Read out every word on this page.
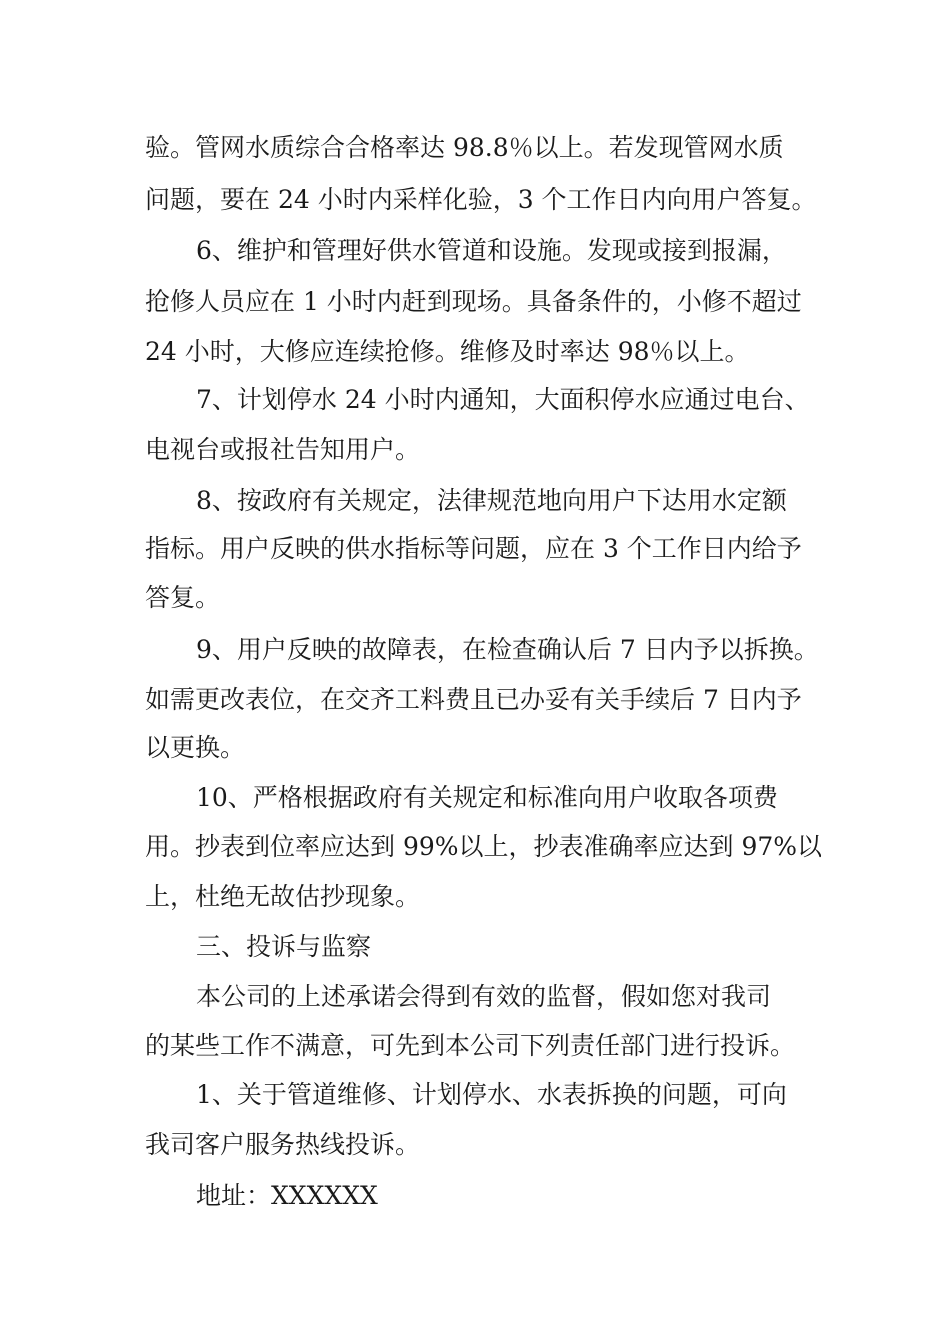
验。管网水质综合合格率达 98.8％以上。若发现管网水质
问题，要在 24 小时内采样化验，3 个工作日内向用户答复。
6、维护和管理好供水管道和设施。发现或接到报漏，
抢修人员应在 1 小时内赶到现场。具备条件的，小修不超过
24 小时，大修应连续抢修。维修及时率达 98％以上。
7、计划停水 24 小时内通知，大面积停水应通过电台、
电视台或报社告知用户。
8、按政府有关规定，法律规范地向用户下达用水定额
指标。用户反映的供水指标等问题，应在 3 个工作日内给予
答复。
9、用户反映的故障表，在检查确认后 7 日内予以拆换。
如需更改表位，在交齐工料费且已办妥有关手续后 7 日内予
以更换。
10、严格根据政府有关规定和标准向用户收取各项费
用。抄表到位率应达到 99%以上，抄表准确率应达到 97%以
上，杜绝无故估抄现象。
三、投诉与监察
本公司的上述承诺会得到有效的监督，假如您对我司
的某些工作不满意，可先到本公司下列责任部门进行投诉。
1、关于管道维修、计划停水、水表拆换的问题，可向
我司客户服务热线投诉。
地址：XXXXXX
